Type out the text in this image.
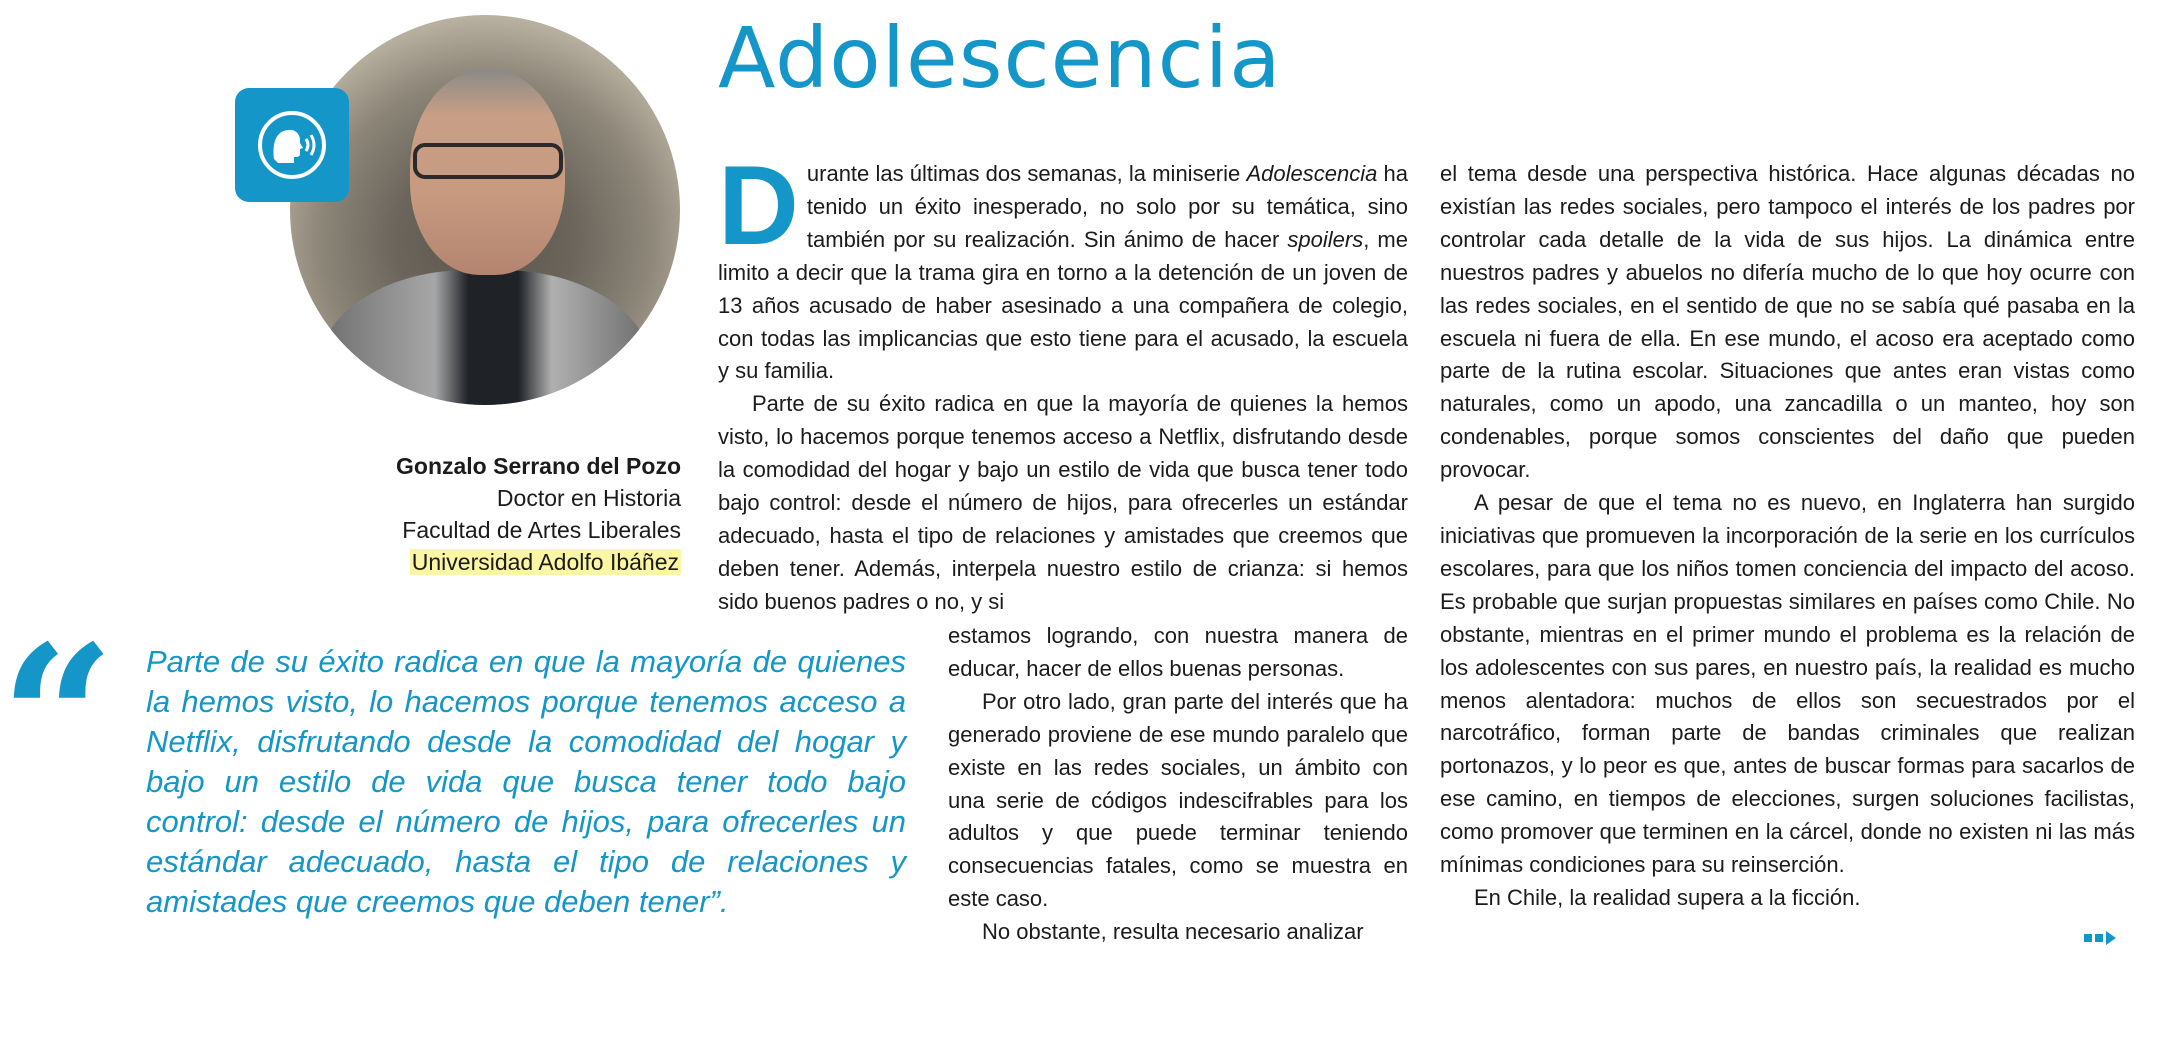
Adolescencia
Gonzalo Serrano del Pozo
Doctor en Historia
Facultad de Artes Liberales
Universidad Adolfo Ibáñez
“ Parte de su éxito radica en que la mayoría de quienes la hemos visto, lo hacemos porque tenemos acceso a Netflix, disfrutando desde la comodidad del hogar y bajo un estilo de vida que busca tener todo bajo control: desde el número de hijos, para ofrecerles un estándar adecuado, hasta el tipo de relaciones y amistades que creemos que deben tener”.

Durante las últimas dos semanas, la miniserie Adolescencia ha tenido un éxito inesperado, no solo por su temática, sino también por su realización. Sin ánimo de hacer spoilers, me limito a decir que la trama gira en torno a la detención de un joven de 13 años acusado de haber asesinado a una compañera de colegio, con todas las implicancias que esto tiene para el acusado, la escuela y su familia.

Parte de su éxito radica en que la mayoría de quienes la hemos visto, lo hacemos porque tenemos acceso a Netflix, disfrutando desde la comodidad del hogar y bajo un estilo de vida que busca tener todo bajo control: desde el número de hijos, para ofrecerles un estándar adecuado, hasta el tipo de relaciones y amistades que creemos que deben tener. Además, interpela nuestro estilo de crianza: si hemos sido buenos padres o no, y si

estamos logrando, con nuestra manera de educar, hacer de ellos buenas personas.

Por otro lado, gran parte del interés que ha generado proviene de ese mundo paralelo que existe en las redes sociales, un ámbito con una serie de códigos indescifrables para los adultos y que puede terminar teniendo consecuencias fatales, como se muestra en este caso.

No obstante, resulta necesario analizar

el tema desde una perspectiva histórica. Hace algunas décadas no existían las redes sociales, pero tampoco el interés de los padres por controlar cada detalle de la vida de sus hijos. La dinámica entre nuestros padres y abuelos no difería mucho de lo que hoy ocurre con las redes sociales, en el sentido de que no se sabía qué pasaba en la escuela ni fuera de ella. En ese mundo, el acoso era aceptado como parte de la rutina escolar. Situaciones que antes eran vistas como naturales, como un apodo, una zancadilla o un manteo, hoy son condenables, porque somos conscientes del daño que pueden provocar.

A pesar de que el tema no es nuevo, en Inglaterra han surgido iniciativas que promueven la incorporación de la serie en los currículos escolares, para que los niños tomen conciencia del impacto del acoso. Es probable que surjan propuestas similares en países como Chile. No obstante, mientras en el primer mundo el problema es la relación de los adolescentes con sus pares, en nuestro país, la realidad es mucho menos alentadora: muchos de ellos son secuestrados por el narcotráfico, forman parte de bandas criminales que realizan portonazos, y lo peor es que, antes de buscar formas para sacarlos de ese camino, en tiempos de elecciones, surgen soluciones facilistas, como promover que terminen en la cárcel, donde no existen ni las más mínimas condiciones para su reinserción.

En Chile, la realidad supera a la ficción.
